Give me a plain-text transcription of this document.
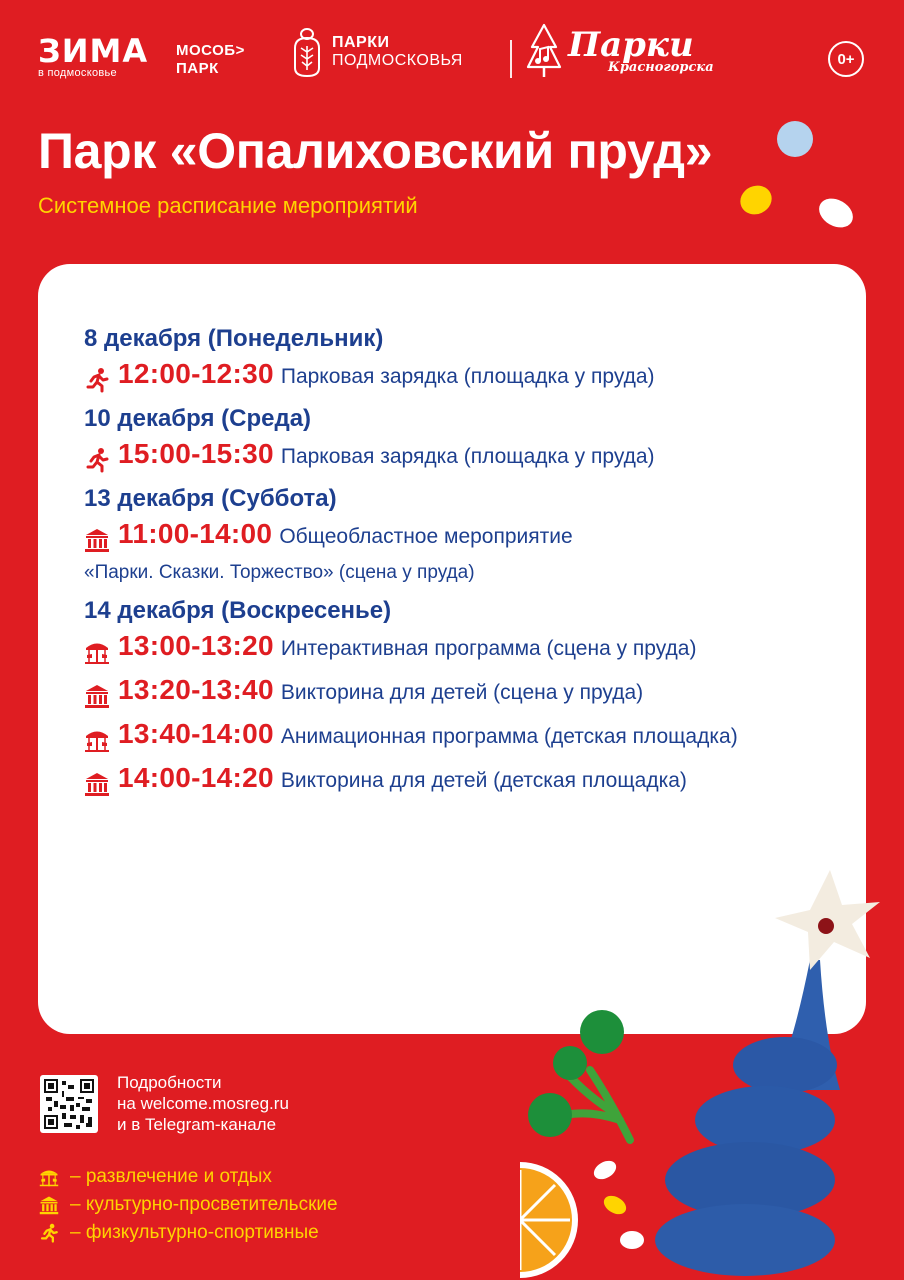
ЗИМА
в подмосковье
МОСОБ>
ПАРК
ПАРКИ
ПОДМОСКОВЬЯ	Парки
Красногорска	0+
Парк «Опалиховский пруд»
Системное расписание мероприятий
8 декабря (Понедельник)
12:00-12:30 Парковая зарядка (площадка у пруда)
10 декабря (Среда)
15:00-15:30 Парковая зарядка (площадка у пруда)
13 декабря (Суббота)
11:00-14:00 Общеобластное мероприятие
«Парки. Сказки. Торжество» (сцена у пруда)
14 декабря (Воскресенье)
13:00-13:20 Интерактивная программа (сцена у пруда)
13:20-13:40 Викторина для детей (сцена у пруда)
13:40-14:00 Анимационная программа (детская площадка)
14:00-14:20 Викторина для детей (детская площадка)
Подробности
на welcome.mosreg.ru
и в Telegram-канале
– развлечение и отдых
– культурно-просветительские
– физкультурно-спортивные
